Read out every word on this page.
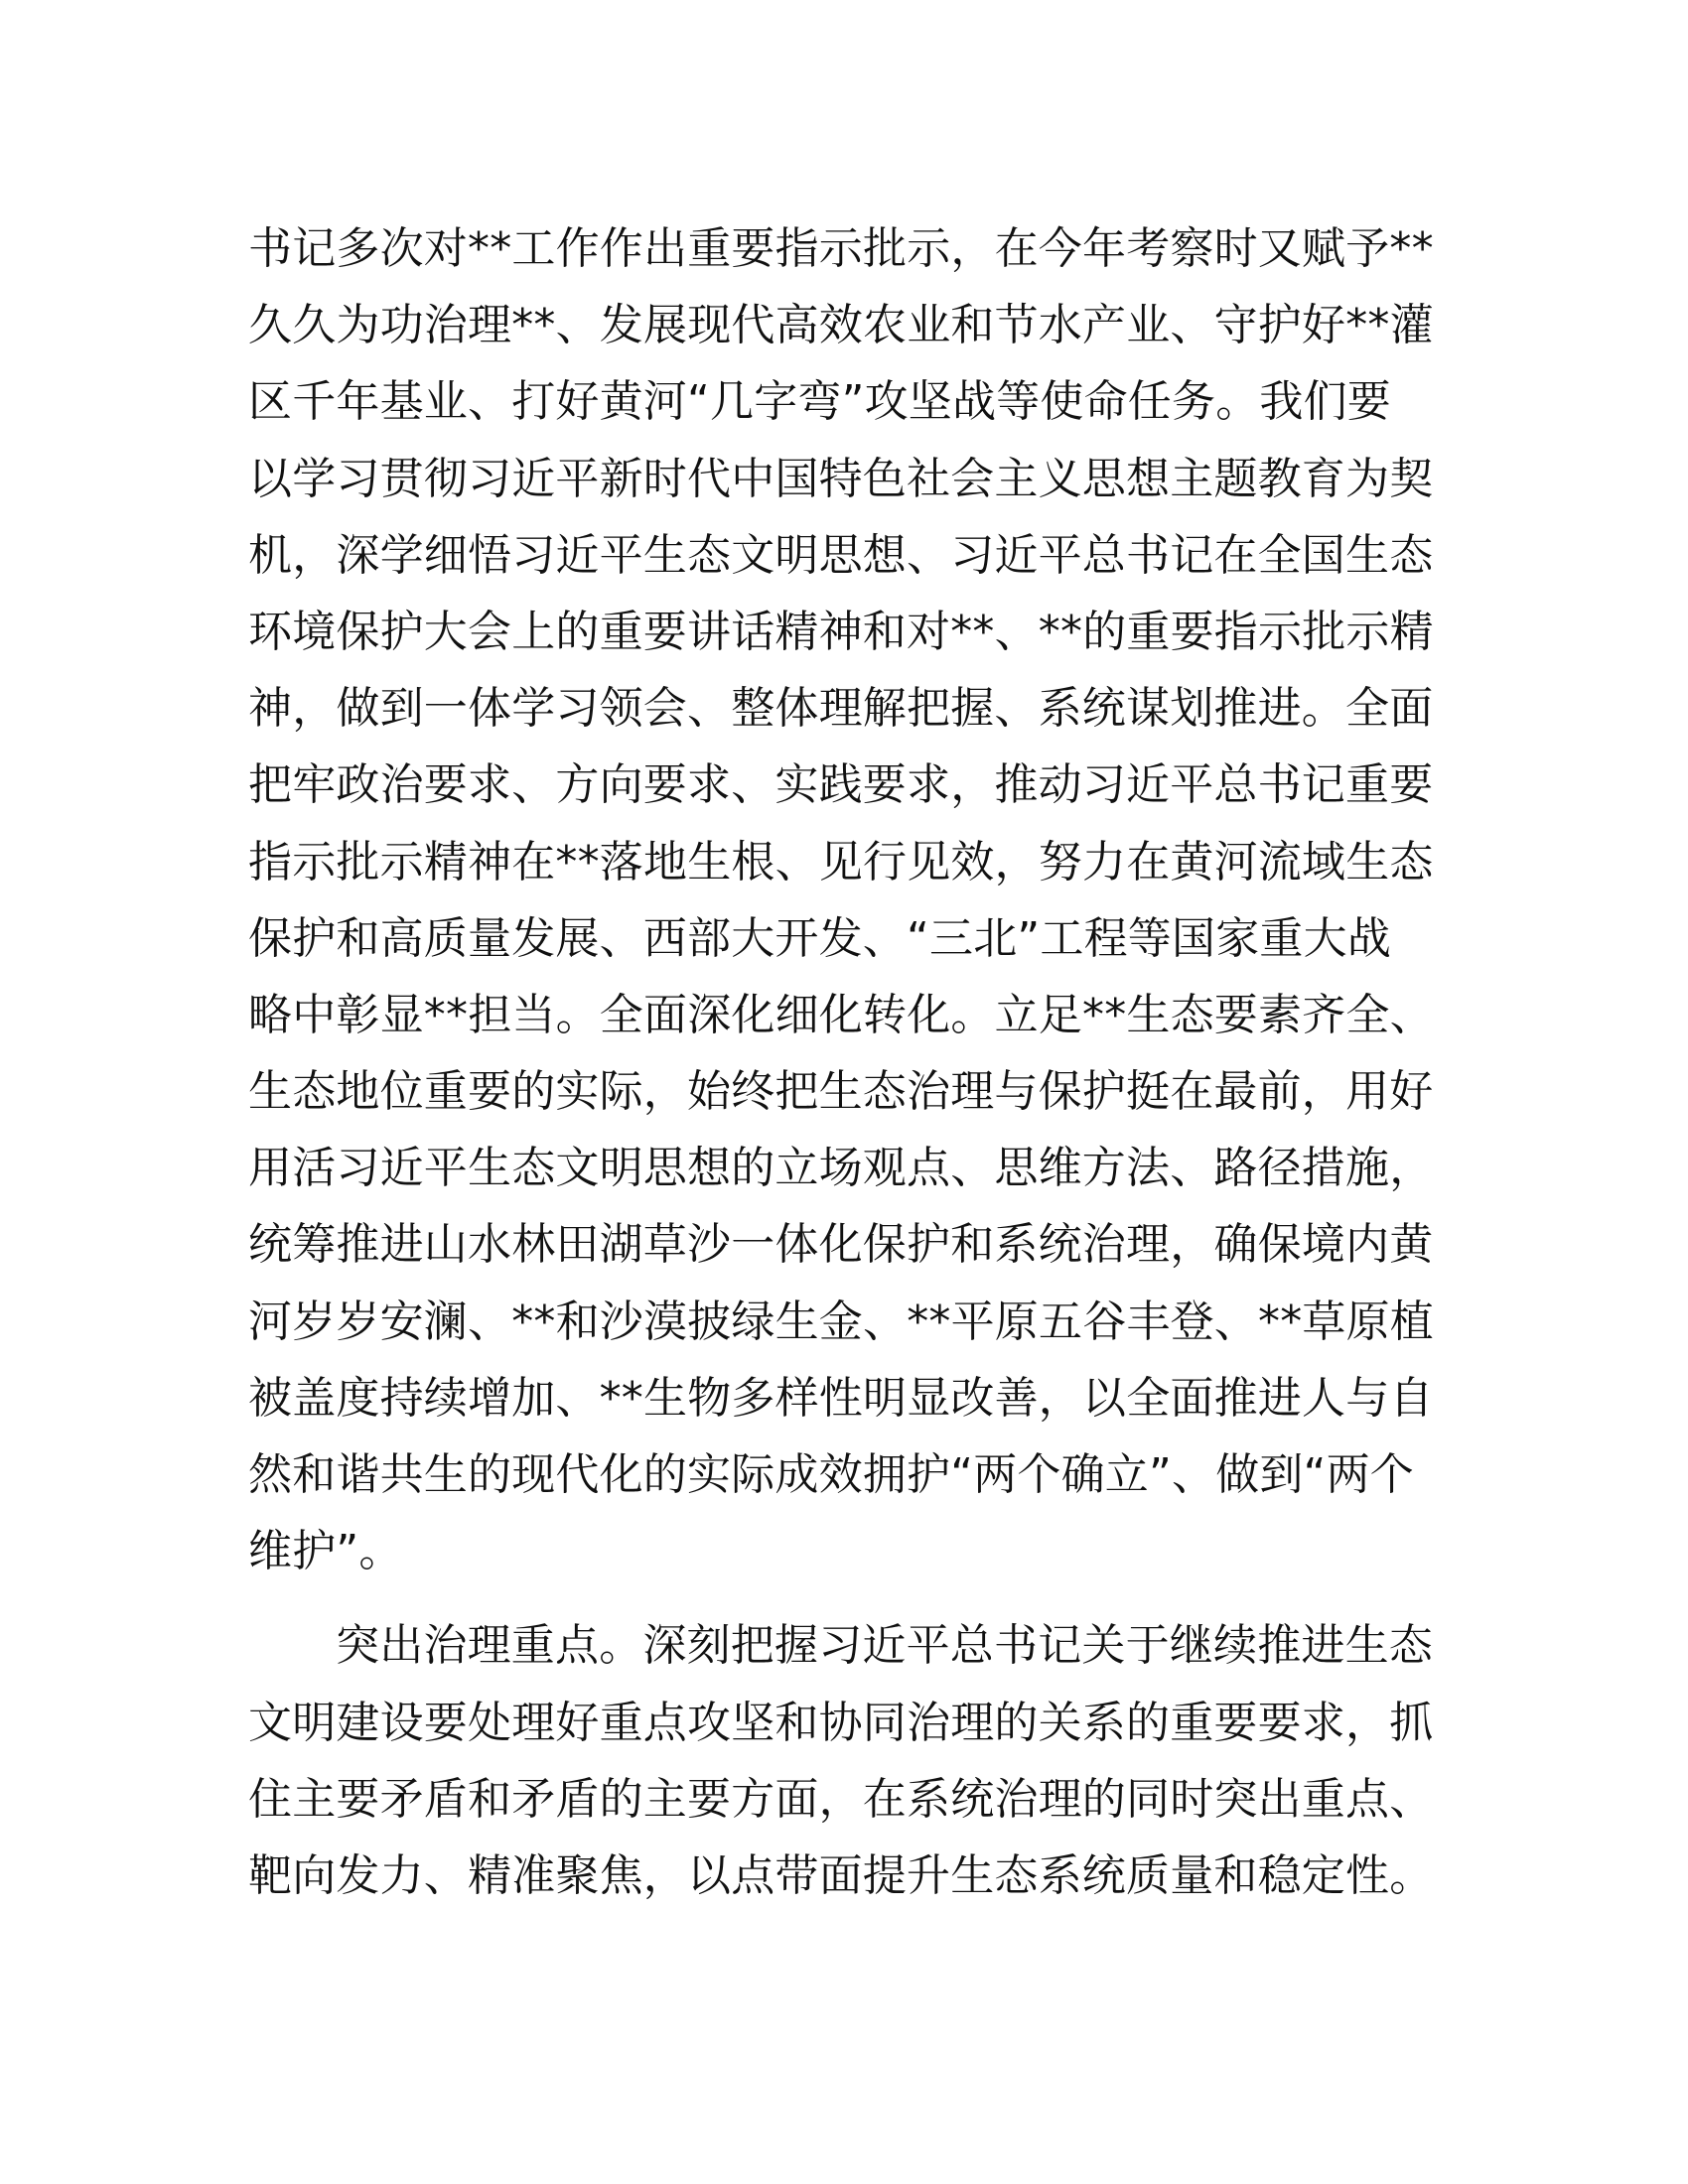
书记多次对**工作作出重要指示批示，在今年考察时又赋予**
久久为功治理**、发展现代高效农业和节水产业、守护好**灌
区千年基业、打好黄河“几字弯”攻坚战等使命任务。我们要
以学习贯彻习近平新时代中国特色社会主义思想主题教育为契
机，深学细悟习近平生态文明思想、习近平总书记在全国生态
环境保护大会上的重要讲话精神和对**、**的重要指示批示精
神，做到一体学习领会、整体理解把握、系统谋划推进。全面
把牢政治要求、方向要求、实践要求，推动习近平总书记重要
指示批示精神在**落地生根、见行见效，努力在黄河流域生态
保护和高质量发展、西部大开发、“三北”工程等国家重大战
略中彰显**担当。全面深化细化转化。立足**生态要素齐全、
生态地位重要的实际，始终把生态治理与保护挺在最前，用好
用活习近平生态文明思想的立场观点、思维方法、路径措施，
统筹推进山水林田湖草沙一体化保护和系统治理，确保境内黄
河岁岁安澜、**和沙漠披绿生金、**平原五谷丰登、**草原植
被盖度持续增加、**生物多样性明显改善，以全面推进人与自
然和谐共生的现代化的实际成效拥护“两个确立”、做到“两个
维护”。
突出治理重点。深刻把握习近平总书记关于继续推进生态
文明建设要处理好重点攻坚和协同治理的关系的重要要求，抓
住主要矛盾和矛盾的主要方面，在系统治理的同时突出重点、
靶向发力、精准聚焦，以点带面提升生态系统质量和稳定性。
